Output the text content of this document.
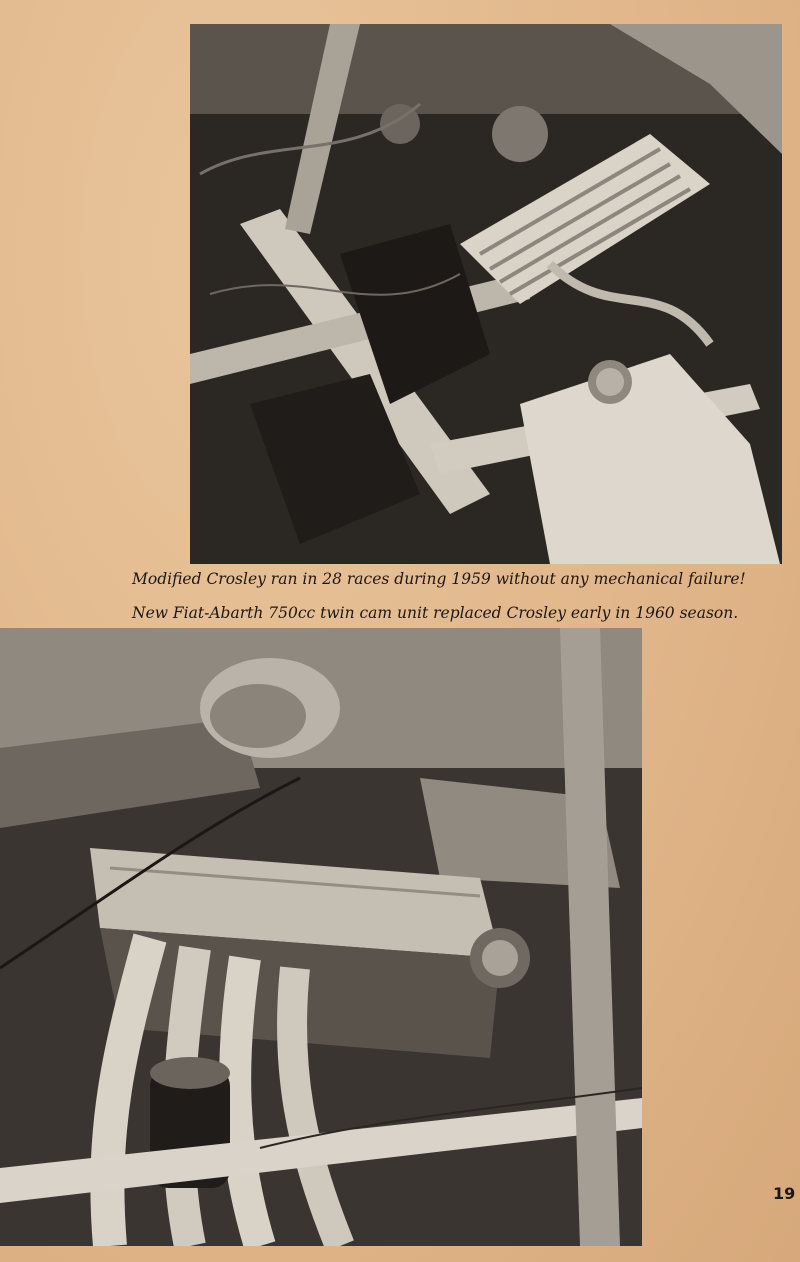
Modified Crosley ran in 28 races during 1959 without any mechanical failure!
New Fiat-Abarth 750cc twin cam unit replaced Crosley early in 1960 season.
19
